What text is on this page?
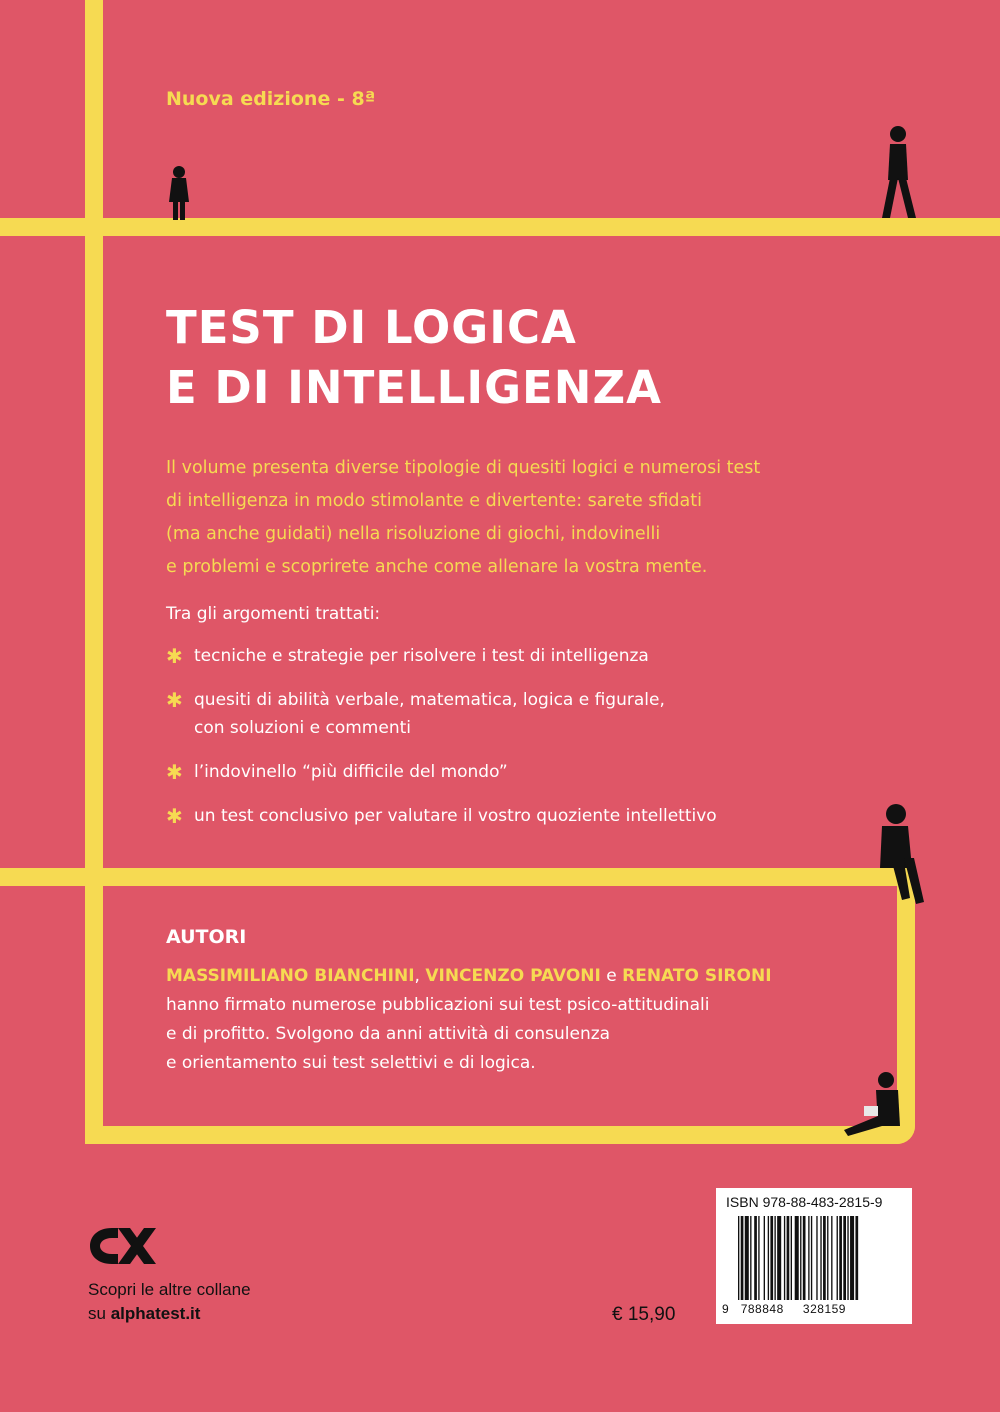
Nuova edizione - 8ª
TEST DI LOGICA
E DI INTELLIGENZA
Il volume presenta diverse tipologie di quesiti logici e numerosi test
di intelligenza in modo stimolante e divertente: sarete sfidati
(ma anche guidati) nella risoluzione di giochi, indovinelli
e problemi e scoprirete anche come allenare la vostra mente.
Tra gli argomenti trattati:
✱ tecniche e strategie per risolvere i test di intelligenza
✱ quesiti di abilità verbale, matematica, logica e figurale,
con soluzioni e commenti
✱ l’indovinello “più difficile del mondo”
✱ un test conclusivo per valutare il vostro quoziente intellettivo
AUTORI
MASSIMILIANO BIANCHINI, VINCENZO PAVONI e RENATO SIRONI
hanno firmato numerose pubblicazioni sui test psico-attitudinali
e di profitto. Svolgono da anni attività di consulenza
e orientamento sui test selettivi e di logica.
Scopri le altre collane
su alphatest.it	€ 15,90
ISBN 978-88-483-2815-9
9 788848 328159
